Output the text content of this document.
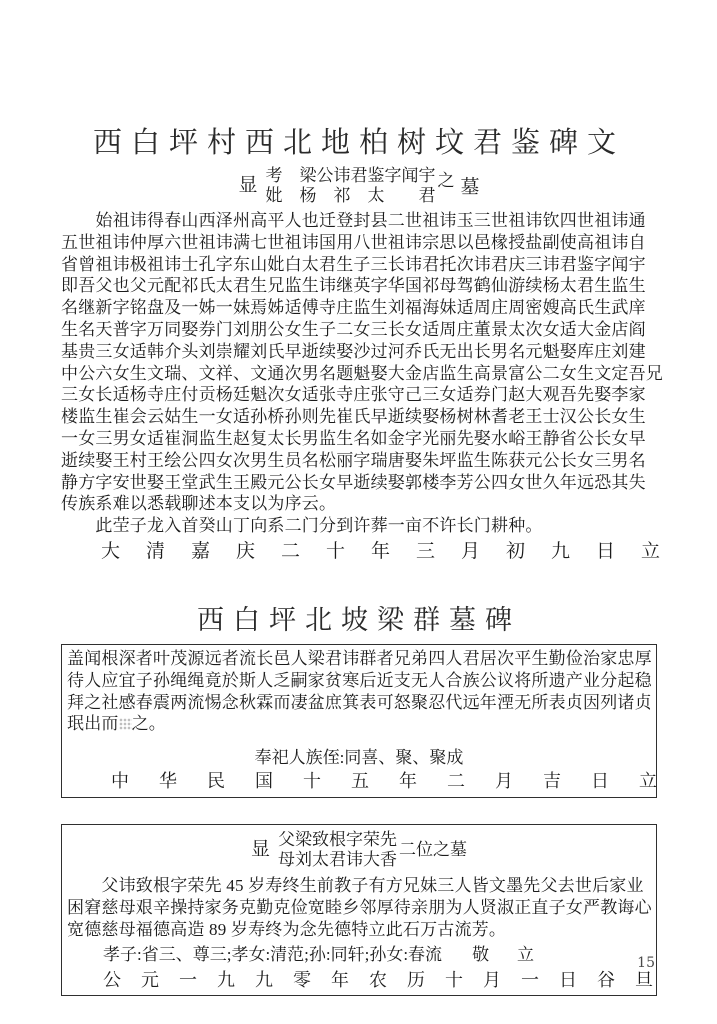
西白坪村西北地柏树坟君鉴碑文
显 考　梁公讳君鉴字闻宇
妣　杨　祁　太　　君
之 墓
　　始祖讳得春山西泽州高平人也迁登封县二世祖讳玉三世祖讳钦四世祖讳通
五世祖讳仲厚六世祖讳满七世祖讳国用八世祖讳宗思以邑椽授盐副使高祖讳自
省曾祖讳极祖讳士孔字东山妣白太君生子三长讳君托次讳君庆三讳君鉴字闻宇
即吾父也父元配祁氏太君生兄监生讳继英字华国祁母驾鹤仙游续杨太君生监生
名继新字铭盘及一姊一妹焉姊适傅寺庄监生刘福海妹适周庄周密嫂高氏生武庠
生名天普字万同娶券门刘朋公女生子二女三长女适周庄董景太次女适大金店阎
基贵三女适韩介头刘崇耀刘氏早逝续娶沙过河乔氏无出长男名元魁娶库庄刘建
中公六女生文瑞、文祥、文通次男名题魁娶大金店监生高景富公二女生文定吾兄
三女长适杨寺庄付贡杨廷魁次女适张寺庄张守己三女适券门赵大观吾先娶李家
楼监生崔会云姑生一女适孙桥孙则先崔氏早逝续娶杨树林耆老王士汉公长女生
一女三男女适崔洞监生赵复太长男监生名如金字光丽先娶水峪王静省公长女早
逝续娶王村王绘公四女次男生员名松丽字瑞唐娶朱坪监生陈获元公长女三男名
静方字安世娶王堂武生王殿元公长女早逝续娶郭楼李芳公四女世久年远恐其失
传族系难以悉载聊述本支以为序云。
　　此茔子龙入首癸山丁向系二门分到许葬一亩不许长门耕种。
大清嘉庆二十年三月初九日立
西白坪北坡梁群墓碑
盖闻根深者叶茂源远者流长邑人梁君讳群者兄弟四人君居次平生勤俭治家忠厚
待人应宜子孙绳绳竟於斯人乏嗣家贫寒后近支无人合族公议将所遗产业分起稳
拜之社感春震两流惕念秋霖而凄盆庶箕表可怒聚忍代远年湮无所表贞因列诸贞
珉出而 之。
奉祀人族侄:同喜、聚、聚成
中华民国十五年二月吉日立
显 父梁致根字荣先
母刘太君讳大香
二位之墓
　　父讳致根字荣先 45 岁寿终生前教子有方兄妹三人皆文墨先父去世后家业
困窘慈母艰辛操持家务克勤克俭宽睦乡邻厚待亲朋为人贤淑正直子女严教诲心
宽德慈母福德高造 89 岁寿终为念先德特立此石万古流芳。
孝子:省三、尊三;孝女:清范;孙:同轩;孙女:春流 敬立
公元一九九零年农历十月一日谷旦
15
